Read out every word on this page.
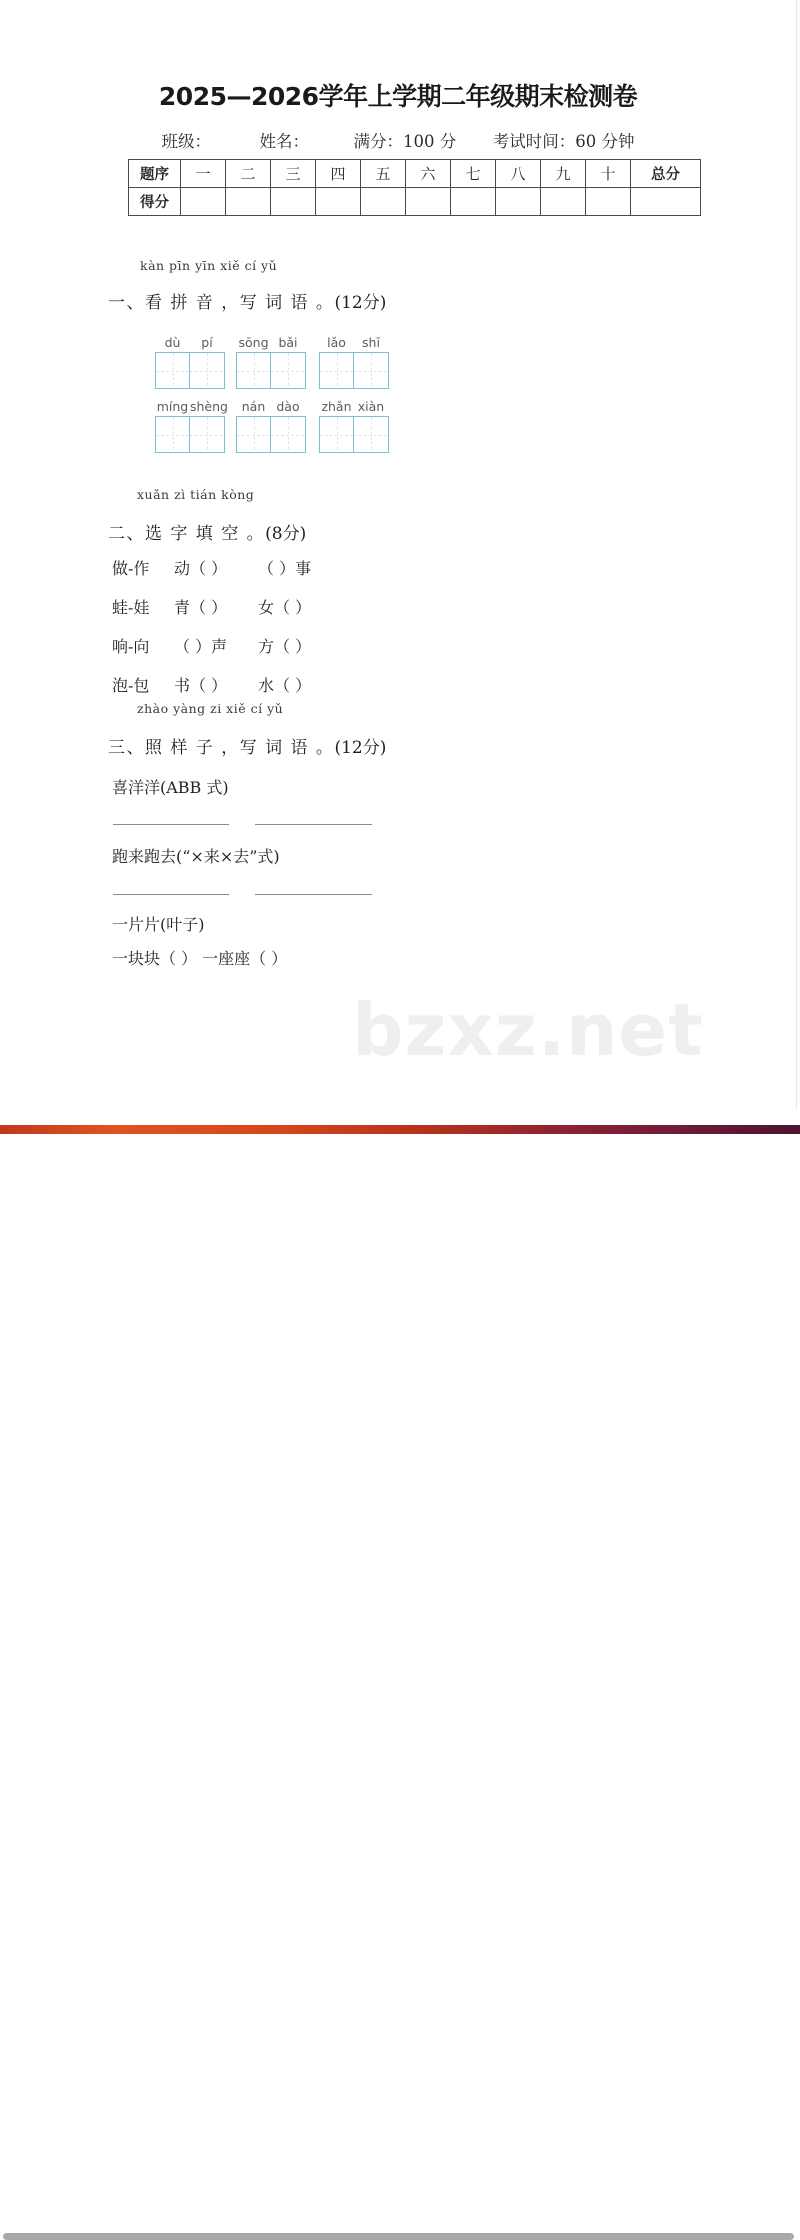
bzxz.net
2025—2026学年上学期二年级期末检测卷
班级：	姓名：	满分：100 分 考试时间：60 分钟
题序	一	二	三	四	五	六	七	八	九	十	总分
得分											
kàn pīn yīn xiě cí yǔ
一、看 拼 音 ，写 词 语 。(12分)
dù	pí	sōng bǎi	lǎo	shī
míng shèng	nán dào	zhǎn xiàn
xuǎn zì tián kòng
二、选 字 填 空 。(8分)
做-作 动（ ） （ ）事
蛙-娃 青（ ） 女（ ）
响-向 （ ）声 方（ ）
泡-包 书（ ） 水（ ）
zhào yàng zi xiě cí yǔ
三、照 样 子 ，写 词 语 。(12分)
喜洋洋(ABB 式)
跑来跑去(“×来×去”式)
一片片(叶子)
一块块（ ） 一座座（ ）
